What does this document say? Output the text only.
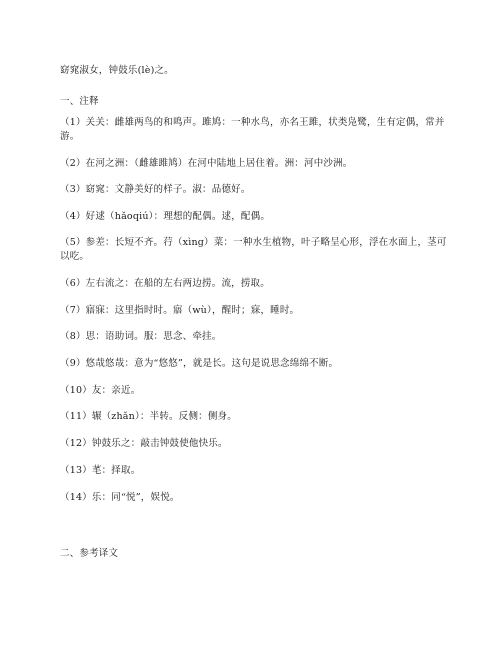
窈窕淑女，钟鼓乐(lè)之。
一、注释
（1）关关：雌雄两鸟的和鸣声。雎鸠：一种水鸟，亦名王雎，状类凫鹭，生有定偶，常并游。
（2）在河之洲：（雌雄雎鸠）在河中陆地上居住着。洲：河中沙洲。
（3）窈窕：文静美好的样子。淑：品德好。
（4）好逑（hǎoqiú）：理想的配偶。逑，配偶。
（5）参差：长短不齐。荇（xìng）菜：一种水生植物，叶子略呈心形，浮在水面上，茎可以吃。
（6）左右流之：在船的左右两边捞。流，捞取。
（7）寤寐：这里指时时。寤（wù），醒时；寐，睡时。
（8）思：语助词。服：思念、牵挂。
（9）悠哉悠哉：意为“悠悠”，就是长。这句是说思念绵绵不断。
（10）友：亲近。
（11）辗（zhǎn）：半转。反侧：侧身。
（12）钟鼓乐之：敲击钟鼓使他快乐。
（13）芼：择取。
（14）乐：同“悦”，娱悦。
二、参考译文
